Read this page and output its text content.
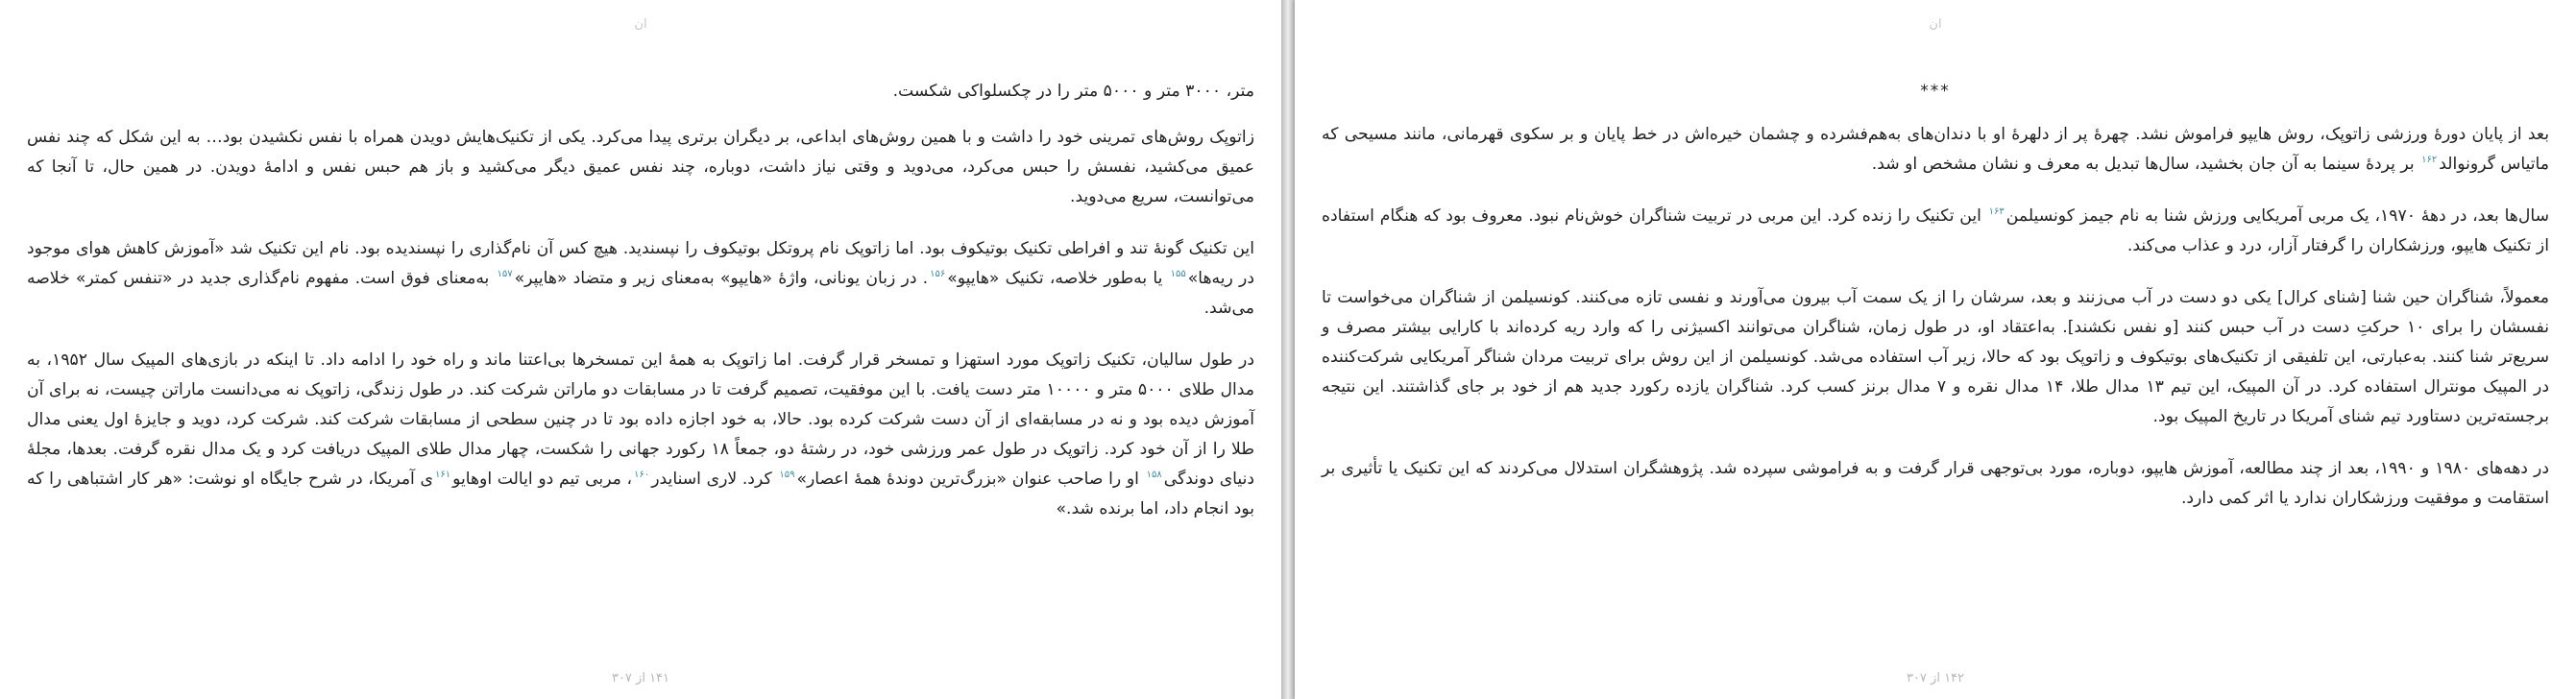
ان

متر، ۳۰۰۰ متر و ۵۰۰۰ متر را در چکسلواکی شکست.

زاتوپک روش‌های تمرینی خود را داشت و با همین روش‌های ابداعی، بر دیگران برتری پیدا می‌کرد. یکی از تکنیک‌هایش دویدن همراه با نفس نکشیدن بود… به این شکل که چند نفس عمیق می‌کشید، نفسش را حبس می‌کرد، می‌دوید و وقتی نیاز داشت، دوباره، چند نفس عمیق دیگر می‌کشید و باز هم حبس نفس و ادامهٔ دویدن. در همین حال، تا آنجا که می‌توانست، سریع می‌دوید.

این تکنیک گونهٔ تند و افراطی تکنیک بوتیکوف بود. اما زاتوپک نام پروتکل بوتیکوف را نپسندید. هیچ کس آن نام‌گذاری را نپسندیده بود. نام این تکنیک شد «آموزش کاهش هوای موجود در ریه‌ها»$^{۱۵۵}$ یا به‌طور خلاصه، تکنیک «هایپو»$^{۱۵۶}$. در زبان یونانی، واژهٔ «هایپو» به‌معنای زیر و متضاد «هایپر»$^{۱۵۷}$ به‌معنای فوق است. مفهوم نام‌گذاری جدید در «تنفس کمتر» خلاصه می‌شد.

در طول سالیان، تکنیک زاتوپک مورد استهزا و تمسخر قرار گرفت. اما زاتوپک به همهٔ این تمسخرها بی‌اعتنا ماند و راه خود را ادامه داد. تا اینکه در بازی‌های المپیک سال ۱۹۵۲، به مدال طلای ۵۰۰۰ متر و ۱۰۰۰۰ متر دست یافت. با این موفقیت، تصمیم گرفت تا در مسابقات دو ماراتن شرکت کند. در طول زندگی، زاتوپک نه می‌دانست ماراتن چیست، نه برای آن آموزش دیده بود و نه در مسابقه‌ای از آن دست شرکت کرده بود. حالا، به خود اجازه داده بود تا در چنین سطحی از مسابقات شرکت کند. شرکت کرد، دوید و جایزهٔ اول یعنی مدال طلا را از آن خود کرد. زاتوپک در طول عمر ورزشی خود، در رشتهٔ دو، جمعاً ۱۸ رکورد جهانی را شکست، چهار مدال طلای المپیک دریافت کرد و یک مدال نقره گرفت. بعدها، مجلهٔ دنیای دوندگی$^{۱۵۸}$ او را صاحب عنوان «بزرگ‌ترین دوندهٔ همهٔ اعصار»$^{۱۵۹}$ کرد. لاری اسنایدر$^{۱۶۰}$، مربی تیم دو ایالت اوهایو$^{۱۶۱}$ی آمریکا، در شرح جایگاه او نوشت: «هر کار اشتباهی را که بود انجام داد، اما برنده شد.»

۱۴۱ از ۳۰۷
ان

***

بعد از پایان دورهٔ ورزشی زاتوپک، روش هایپو فراموش نشد. چهرهٔ پر از دلهرهٔ او با دندان‌های به‌هم‌فشرده و چشمان خیره‌اش در خط پایان و بر سکوی قهرمانی، مانند مسیحی که ماتیاس گرونوالد$^{۱۶۲}$ بر پردهٔ سینما به آن جان بخشید، سال‌ها تبدیل به معرف و نشان مشخص او شد.

سال‌ها بعد، در دههٔ ۱۹۷۰، یک مربی آمریکایی ورزش شنا به نام جیمز کونسیلمن$^{۱۶۳}$ این تکنیک را زنده کرد. این مربی در تربیت شناگران خوش‌نام نبود. معروف بود که هنگام استفاده از تکنیک هایپو، ورزشکاران را گرفتار آزار، درد و عذاب می‌کند.

معمولاً، شناگران حین شنا [شنای کرال] یکی دو دست در آب می‌زنند و بعد، سرشان را از یک سمت آب بیرون می‌آورند و نفسی تازه می‌کنند. کونسیلمن از شناگران می‌خواست تا نفسشان را برای ۱۰ حرکتِ دست در آب حبس کنند [و نفس نکشند]. به‌اعتقاد او، در طول زمان، شناگران می‌توانند اکسیژنی را که وارد ریه کرده‌اند با کارایی بیشتر مصرف و سریع‌تر شنا کنند. به‌عبارتی، این تلفیقی از تکنیک‌های بوتیکوف و زاتوپک بود که حالا، زیر آب استفاده می‌شد. کونسیلمن از این روش برای تربیت مردان شناگر آمریکایی شرکت‌کننده در المپیک مونترال استفاده کرد. در آن المپیک، این تیم ۱۳ مدال طلا، ۱۴ مدال نقره و ۷ مدال برنز کسب کرد. شناگران یازده رکورد جدید هم از خود بر جای گذاشتند. این نتیجه برجسته‌ترین دستاورد تیم شنای آمریکا در تاریخ المپیک بود.

در دهه‌های ۱۹۸۰ و ۱۹۹۰، بعد از چند مطالعه، آموزش هایپو، دوباره، مورد بی‌توجهی قرار گرفت و به فراموشی سپرده شد. پژوهشگران استدلال می‌کردند که این تکنیک یا تأثیری بر استقامت و موفقیت ورزشکاران ندارد یا اثر کمی دارد.

۱۴۲ از ۳۰۷
